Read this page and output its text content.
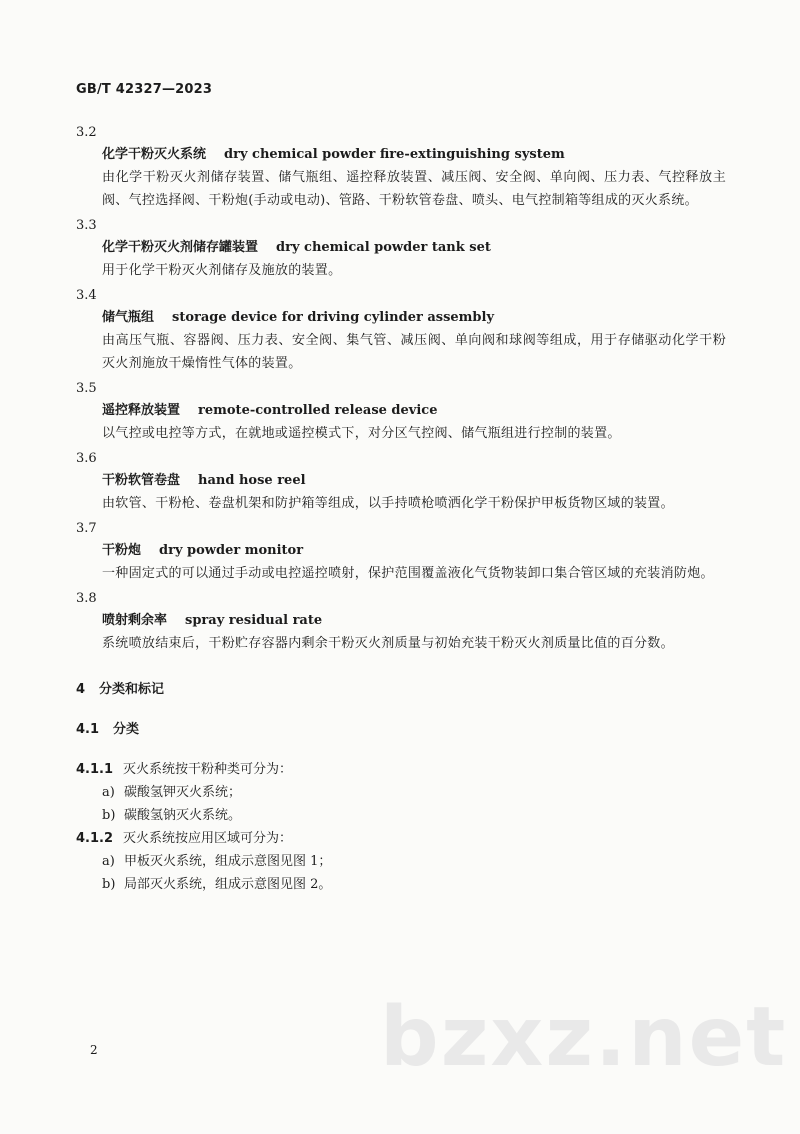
GB/T 42327—2023
3.2
化学干粉灭火系统 dry chemical powder fire-extinguishing system
由化学干粉灭火剂储存装置、储气瓶组、遥控释放装置、减压阀、安全阀、单向阀、压力表、气控释放主阀、气控选择阀、干粉炮(手动或电动)、管路、干粉软管卷盘、喷头、电气控制箱等组成的灭火系统。
3.3
化学干粉灭火剂储存罐装置 dry chemical powder tank set
用于化学干粉灭火剂储存及施放的装置。
3.4
储气瓶组 storage device for driving cylinder assembly
由高压气瓶、容器阀、压力表、安全阀、集气管、减压阀、单向阀和球阀等组成，用于存储驱动化学干粉灭火剂施放干燥惰性气体的装置。
3.5
遥控释放装置 remote-controlled release device
以气控或电控等方式，在就地或遥控模式下，对分区气控阀、储气瓶组进行控制的装置。
3.6
干粉软管卷盘 hand hose reel
由软管、干粉枪、卷盘机架和防护箱等组成，以手持喷枪喷洒化学干粉保护甲板货物区域的装置。
3.7
干粉炮 dry powder monitor
一种固定式的可以通过手动或电控遥控喷射，保护范围覆盖液化气货物装卸口集合管区域的充装消防炮。
3.8
喷射剩余率 spray residual rate
系统喷放结束后，干粉贮存容器内剩余干粉灭火剂质量与初始充装干粉灭火剂质量比值的百分数。
4 分类和标记
4.1 分类
4.1.1 灭火系统按干粉种类可分为：
a) 碳酸氢钾灭火系统；
b) 碳酸氢钠灭火系统。
4.1.2 灭火系统按应用区域可分为：
a) 甲板灭火系统，组成示意图见图 1；
b) 局部灭火系统，组成示意图见图 2。
bzxz.net
2
